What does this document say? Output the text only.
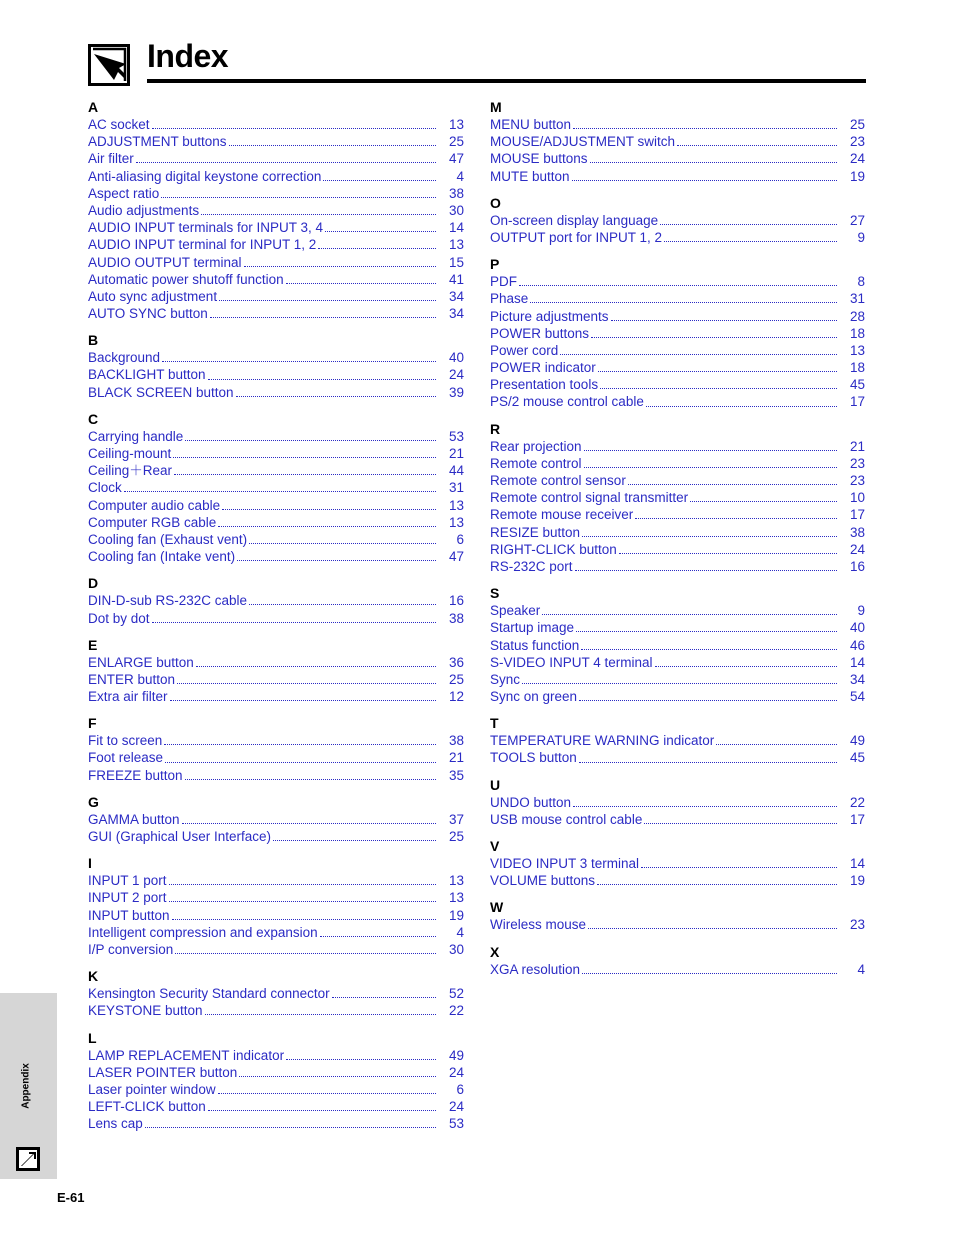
Index
A
AC socket	13
ADJUSTMENT buttons	25
Air filter	47
Anti-aliasing digital keystone correction	4
Aspect ratio	38
Audio adjustments	30
AUDIO INPUT terminals for INPUT 3, 4	14
AUDIO INPUT terminal for INPUT 1, 2	13
AUDIO OUTPUT terminal	15
Automatic power shutoff function	41
Auto sync adjustment	34
AUTO SYNC button	34
B
Background	40
BACKLIGHT button	24
BLACK SCREEN button	39
C
Carrying handle	53
Ceiling-mount	21
Ceiling＋Rear	44
Clock	31
Computer audio cable	13
Computer RGB cable	13
Cooling fan (Exhaust vent)	6
Cooling fan (Intake vent)	47
D
DIN-D-sub RS-232C cable	16
Dot by dot	38
E
ENLARGE button	36
ENTER button	25
Extra air filter	12
F
Fit to screen	38
Foot release	21
FREEZE button	35
G
GAMMA button	37
GUI (Graphical User Interface)	25
I
INPUT 1 port	13
INPUT 2 port	13
INPUT button	19
Intelligent compression and expansion	4
I/P conversion	30
K
Kensington Security Standard connector	52
KEYSTONE button	22
L
LAMP REPLACEMENT indicator	49
LASER POINTER button	24
Laser pointer window	6
LEFT-CLICK button	24
Lens cap	53
M
MENU button	25
MOUSE/ADJUSTMENT switch	23
MOUSE buttons	24
MUTE button	19
O
On-screen display language	27
OUTPUT port for INPUT 1, 2	9
P
PDF	8
Phase	31
Picture adjustments	28
POWER buttons	18
Power cord	13
POWER indicator	18
Presentation tools	45
PS/2 mouse control cable	17
R
Rear projection	21
Remote control	23
Remote control sensor	23
Remote control signal transmitter	10
Remote mouse receiver	17
RESIZE button	38
RIGHT-CLICK button	24
RS-232C port	16
S
Speaker	9
Startup image	40
Status function	46
S-VIDEO INPUT 4 terminal	14
Sync	34
Sync on green	54
T
TEMPERATURE WARNING indicator	49
TOOLS button	45
U
UNDO button	22
USB mouse control cable	17
V
VIDEO INPUT 3 terminal	14
VOLUME buttons	19
W
Wireless mouse	23
X
XGA resolution	4
Appendix
E-61
